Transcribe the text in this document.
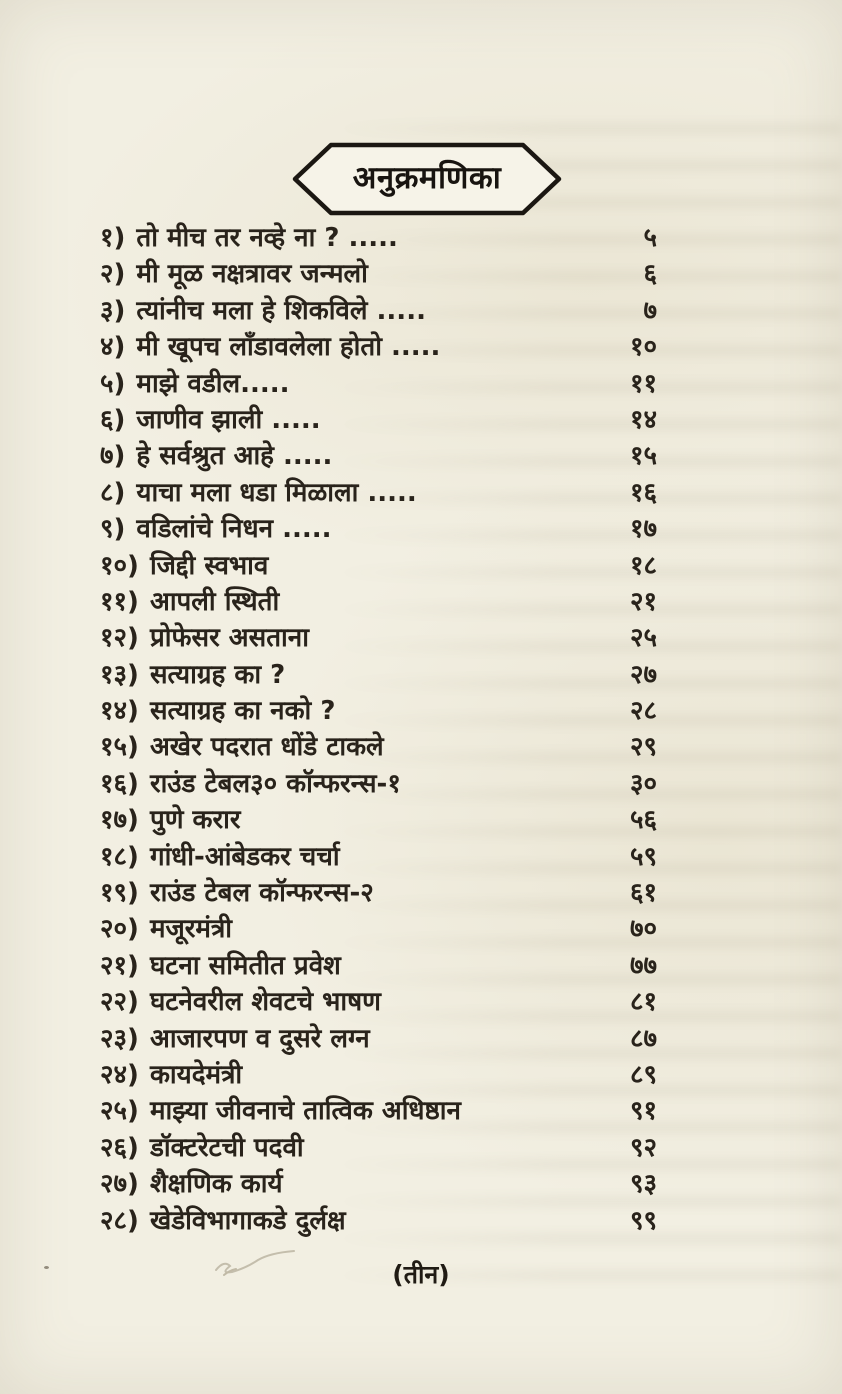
अनुक्रमणिका
१) तो मीच तर नव्हे ना ? .....	५
२) मी मूळ नक्षत्रावर जन्मलो	६
३) त्यांनीच मला हे शिकविले .....	७
४) मी खूपच लाँडावलेला होतो .....	१०
५) माझे वडील.....	११
६) जाणीव झाली .....	१४
७) हे सर्वश्रुत आहे .....	१५
८) याचा मला धडा मिळाला .....	१६
९) वडिलांचे निधन .....	१७
१०) जिद्दी स्वभाव	१८
११) आपली स्थिती	२१
१२) प्रोफेसर असताना	२५
१३) सत्याग्रह का ?	२७
१४) सत्याग्रह का नको ?	२८
१५) अखेर पदरात धोंडे टाकले	२९
१६) राउंड टेबल३० कॉन्फरन्स-१	३०
१७) पुणे करार	५६
१८) गांधी-आंबेडकर चर्चा	५९
१९) राउंड टेबल कॉन्फरन्स-२	६१
२०) मजूरमंत्री	७०
२१) घटना समितीत प्रवेश	७७
२२) घटनेवरील शेवटचे भाषण	८१
२३) आजारपण व दुसरे लग्न	८७
२४) कायदेमंत्री	८९
२५) माझ्या जीवनाचे तात्विक अधिष्ठान	९१
२६) डॉक्टरेटची पदवी	९२
२७) शैक्षणिक कार्य	९३
२८) खेडेविभागाकडे दुर्लक्ष	९९
(तीन)
